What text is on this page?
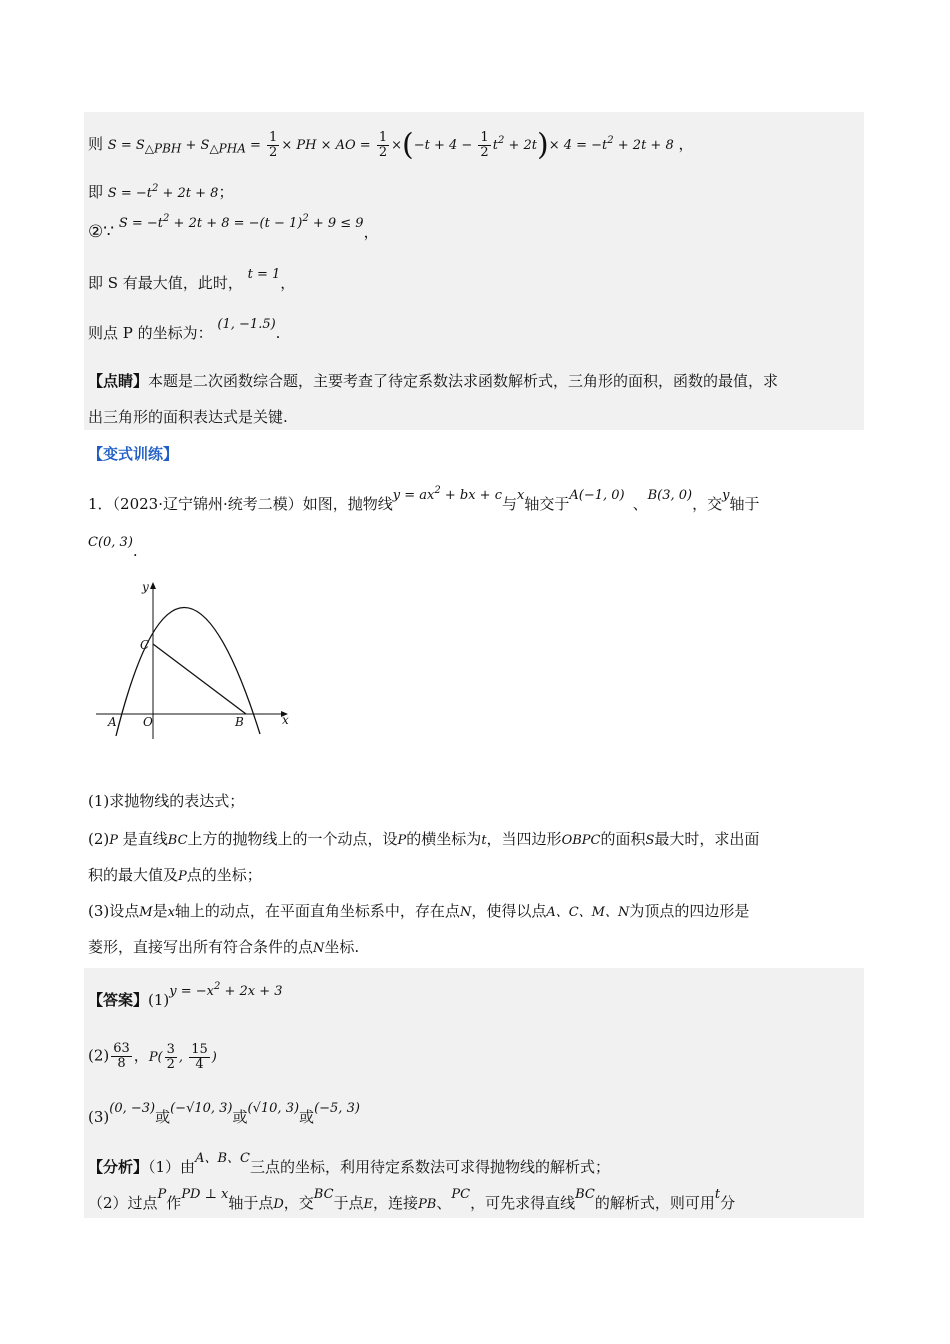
则 $S = S_{\triangle PBH} + S_{\triangle PHA} = \frac{1}{2}$ × PH × AO = $\frac{1}{2} \times(-t + 4 - \frac{1}{2} t^2 + 2t)\times 4 = -t^2 + 2t + 8$ ，
即 $S = -t^2 + 2t + 8$；
②∵ $S = -t^2 + 2t + 8 = -(t - 1)^2 + 9 \le 9$，
即 S 有最大值，此时， t = 1，
则点 P 的坐标为： (1, −1.5).
【点睛】本题是二次函数综合题，主要考查了待定系数法求函数解析式，三角形的面积，函数的最值，求
出三角形的面积表达式是关键.
【变式训练】
1．（2023·辽宁锦州·统考二模）如图，抛物线$y = ax^2$ + bx + c与x轴交于A(−1, 0) 、B(3, 0)，交y轴于
C(0, 3).
y
x
C
A O	B
(1)求抛物线的表达式；
(2)P 是直线BC上方的抛物线上的一个动点，设P的横坐标为t，当四边形OBPC的面积S最大时，求出面
积的最大值及P点的坐标；
(3)设点M是x轴上的动点，在平面直角坐标系中，存在点N，使得以点A、C、M、N为顶点的四边形是
菱形，直接写出所有符合条件的点N坐标.
【答案】$(1)y = -x^2 + 2x + 3$
$(2) \frac{63}{8}$ ，$P( \frac{3}{2}$ , $\frac{15}{4}$ )
(3)(0, −3)或(−√10, 3)或(√10, 3)或(−5, 3)
【分析】（1）由A、B、C三点的坐标，利用待定系数法可求得抛物线的解析式；
（2）过点P作PD ⊥ x轴于点D，交BC于点E，连接PB、PC，可先求得直线BC的解析式，则可用t分
